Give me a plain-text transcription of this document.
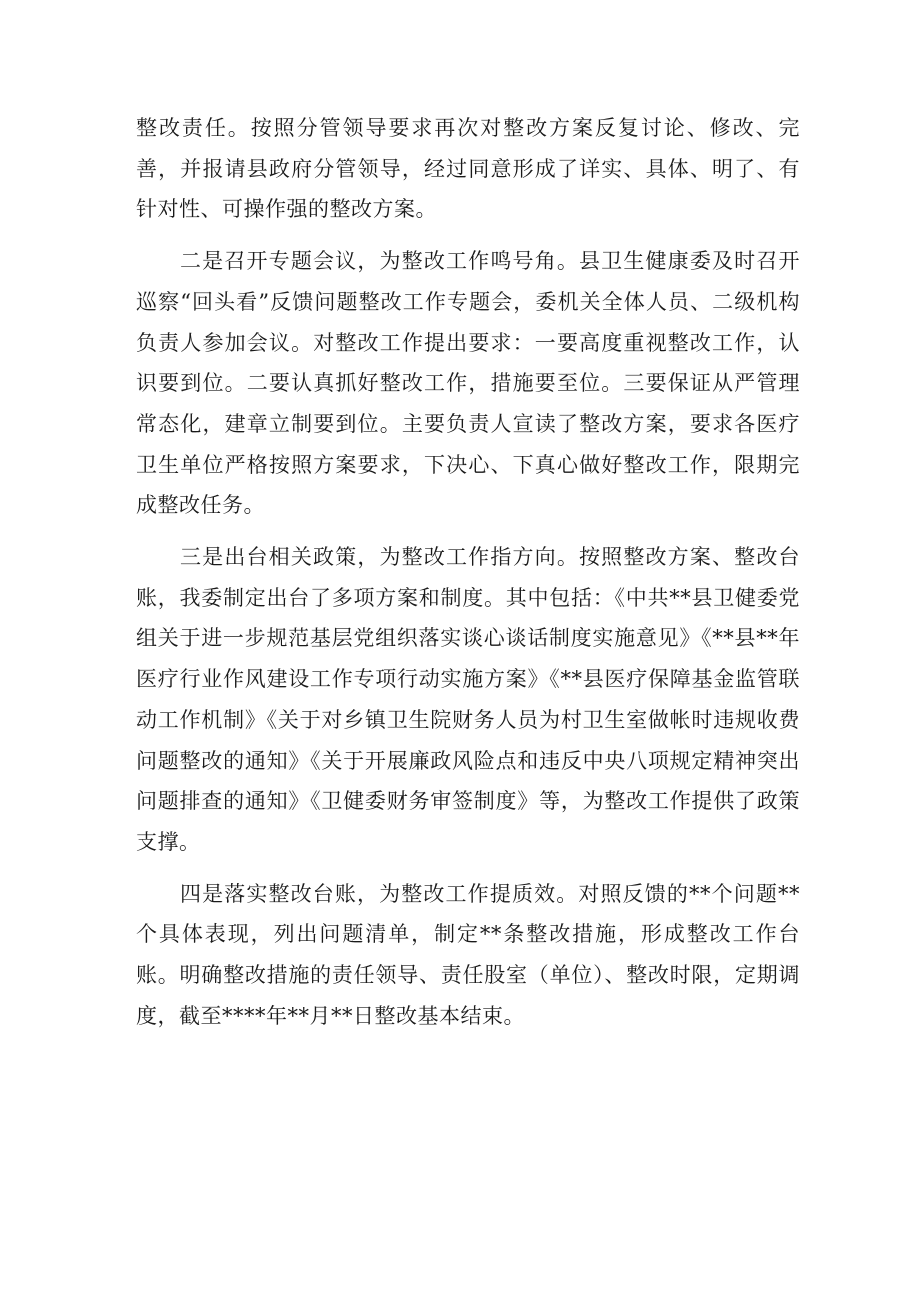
整改责任。按照分管领导要求再次对整改方案反复讨论、修改、完善，并报请县政府分管领导，经过同意形成了详实、具体、明了、有针对性、可操作强的整改方案。

二是召开专题会议，为整改工作鸣号角。县卫生健康委及时召开巡察“回头看”反馈问题整改工作专题会，委机关全体人员、二级机构负责人参加会议。对整改工作提出要求：一要高度重视整改工作，认识要到位。二要认真抓好整改工作，措施要至位。三要保证从严管理常态化，建章立制要到位。主要负责人宣读了整改方案，要求各医疗卫生单位严格按照方案要求，下决心、下真心做好整改工作，限期完成整改任务。

三是出台相关政策，为整改工作指方向。按照整改方案、整改台账，我委制定出台了多项方案和制度。其中包括：《中共**县卫健委党组关于进一步规范基层党组织落实谈心谈话制度实施意见》《**县**年医疗行业作风建设工作专项行动实施方案》《**县医疗保障基金监管联动工作机制》《关于对乡镇卫生院财务人员为村卫生室做帐时违规收费问题整改的通知》《关于开展廉政风险点和违反中央八项规定精神突出问题排查的通知》《卫健委财务审签制度》等，为整改工作提供了政策支撑。

四是落实整改台账，为整改工作提质效。对照反馈的**个问题**个具体表现，列出问题清单，制定**条整改措施，形成整改工作台账。明确整改措施的责任领导、责任股室（单位）、整改时限，定期调度，截至****年**月**日整改基本结束。
